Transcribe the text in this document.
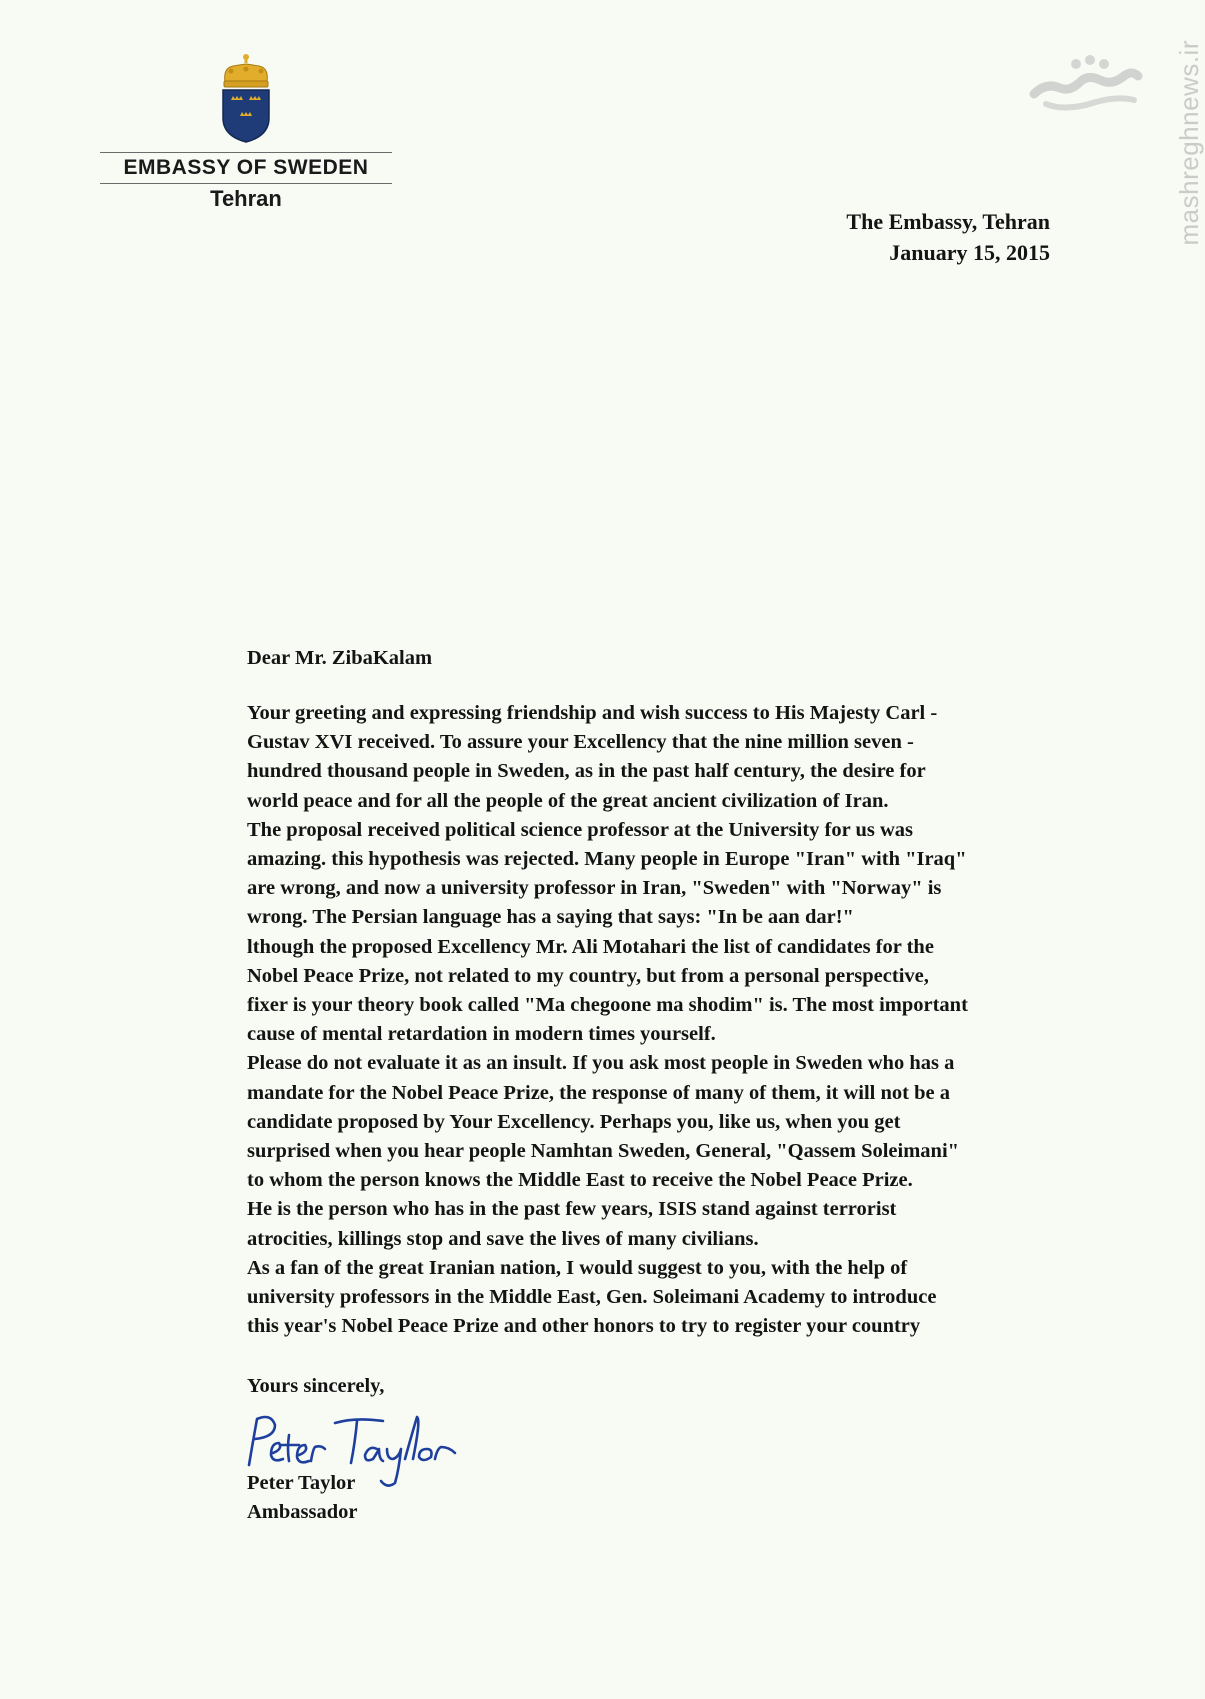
EMBASSY OF SWEDEN
Tehran	mashreghnews.ir
The Embassy, Tehran
January 15, 2015
Dear Mr. ZibaKalam
Your greeting and expressing friendship and wish success to His Majesty Carl -
Gustav XVI received. To assure your Excellency that the nine million seven -
hundred thousand people in Sweden, as in the past half century, the desire for
world peace and for all the people of the great ancient civilization of Iran.
The proposal received political science professor at the University for us was
amazing. this hypothesis was rejected. Many people in Europe "Iran" with "Iraq"
are wrong, and now a university professor in Iran, "Sweden" with "Norway" is
wrong. The Persian language has a saying that says: "In be aan dar!"
lthough the proposed Excellency Mr. Ali Motahari the list of candidates for the
Nobel Peace Prize, not related to my country, but from a personal perspective,
fixer is your theory book called "Ma chegoone ma shodim" is. The most important
cause of mental retardation in modern times yourself.
Please do not evaluate it as an insult. If you ask most people in Sweden who has a
mandate for the Nobel Peace Prize, the response of many of them, it will not be a
candidate proposed by Your Excellency. Perhaps you, like us, when you get
surprised when you hear people Namhtan Sweden, General, "Qassem Soleimani"
to whom the person knows the Middle East to receive the Nobel Peace Prize.
He is the person who has in the past few years, ISIS stand against terrorist
atrocities, killings stop and save the lives of many civilians.
As a fan of the great Iranian nation, I would suggest to you, with the help of
university professors in the Middle East, Gen. Soleimani Academy to introduce
this year's Nobel Peace Prize and other honors to try to register your country
Yours sincerely,
Peter Taylor
Ambassador
